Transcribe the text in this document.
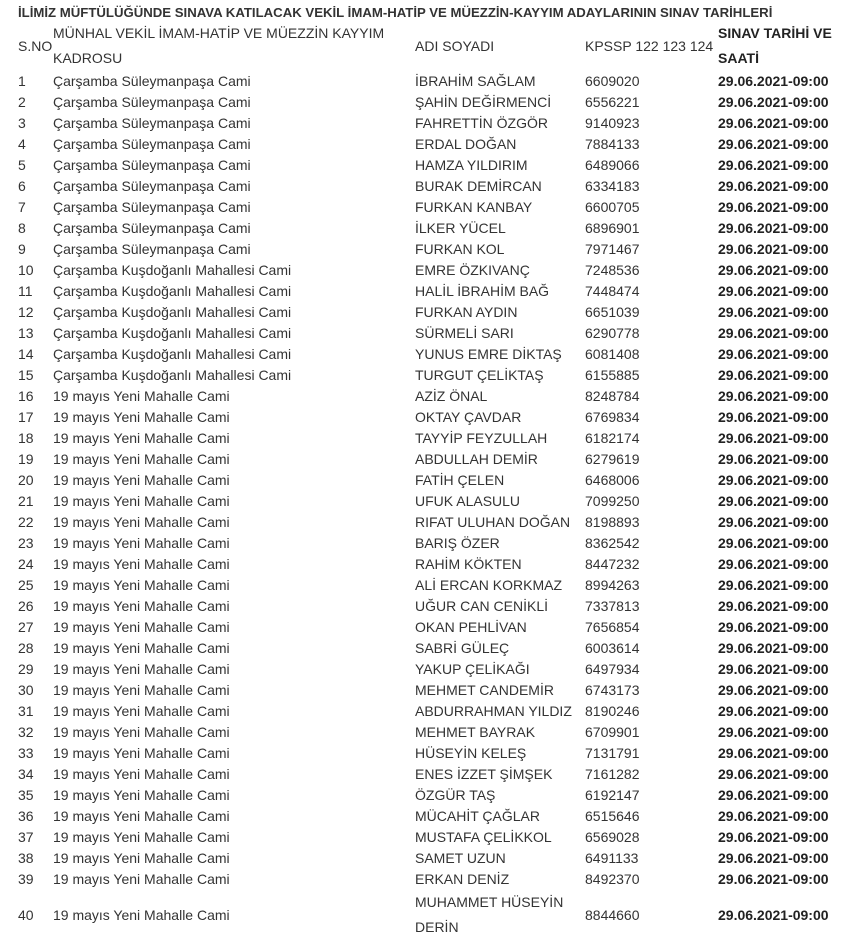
İLİMİZ MÜFTÜLÜĞÜNDE SINAVA KATILACAK VEKİL İMAM-HATİP VE MÜEZZİN-KAYYIM ADAYLARININ SINAV TARİHLERİ
S.NO	MÜNHAL VEKİL İMAM-HATİP VE MÜEZZİN KAYYIM KADROSU	ADI SOYADI	KPSSP 122 123 124	SINAV TARİHİ VE SAATİ
1	Çarşamba Süleymanpaşa Cami	İBRAHİM SAĞLAM	6609020	29.06.2021-09:00
2	Çarşamba Süleymanpaşa Cami	ŞAHİN DEĞİRMENCİ	6556221	29.06.2021-09:00
3	Çarşamba Süleymanpaşa Cami	FAHRETTİN ÖZGÖR	9140923	29.06.2021-09:00
4	Çarşamba Süleymanpaşa Cami	ERDAL DOĞAN	7884133	29.06.2021-09:00
5	Çarşamba Süleymanpaşa Cami	HAMZA YILDIRIM	6489066	29.06.2021-09:00
6	Çarşamba Süleymanpaşa Cami	BURAK DEMİRCAN	6334183	29.06.2021-09:00
7	Çarşamba Süleymanpaşa Cami	FURKAN KANBAY	6600705	29.06.2021-09:00
8	Çarşamba Süleymanpaşa Cami	İLKER YÜCEL	6896901	29.06.2021-09:00
9	Çarşamba Süleymanpaşa Cami	FURKAN KOL	7971467	29.06.2021-09:00
10	Çarşamba Kuşdoğanlı Mahallesi Cami	EMRE ÖZKIVANÇ	7248536	29.06.2021-09:00
11	Çarşamba Kuşdoğanlı Mahallesi Cami	HALİL İBRAHİM BAĞ	7448474	29.06.2021-09:00
12	Çarşamba Kuşdoğanlı Mahallesi Cami	FURKAN AYDIN	6651039	29.06.2021-09:00
13	Çarşamba Kuşdoğanlı Mahallesi Cami	SÜRMELİ SARI	6290778	29.06.2021-09:00
14	Çarşamba Kuşdoğanlı Mahallesi Cami	YUNUS EMRE DİKTAŞ	6081408	29.06.2021-09:00
15	Çarşamba Kuşdoğanlı Mahallesi Cami	TURGUT ÇELİKTAŞ	6155885	29.06.2021-09:00
16	19 mayıs Yeni Mahalle Cami	AZİZ ÖNAL	8248784	29.06.2021-09:00
17	19 mayıs Yeni Mahalle Cami	OKTAY ÇAVDAR	6769834	29.06.2021-09:00
18	19 mayıs Yeni Mahalle Cami	TAYYİP FEYZULLAH	6182174	29.06.2021-09:00
19	19 mayıs Yeni Mahalle Cami	ABDULLAH DEMİR	6279619	29.06.2021-09:00
20	19 mayıs Yeni Mahalle Cami	FATİH ÇELEN	6468006	29.06.2021-09:00
21	19 mayıs Yeni Mahalle Cami	UFUK ALASULU	7099250	29.06.2021-09:00
22	19 mayıs Yeni Mahalle Cami	RIFAT ULUHAN DOĞAN	8198893	29.06.2021-09:00
23	19 mayıs Yeni Mahalle Cami	BARIŞ ÖZER	8362542	29.06.2021-09:00
24	19 mayıs Yeni Mahalle Cami	RAHİM KÖKTEN	8447232	29.06.2021-09:00
25	19 mayıs Yeni Mahalle Cami	ALİ ERCAN KORKMAZ	8994263	29.06.2021-09:00
26	19 mayıs Yeni Mahalle Cami	UĞUR CAN CENİKLİ	7337813	29.06.2021-09:00
27	19 mayıs Yeni Mahalle Cami	OKAN PEHLİVAN	7656854	29.06.2021-09:00
28	19 mayıs Yeni Mahalle Cami	SABRİ GÜLEÇ	6003614	29.06.2021-09:00
29	19 mayıs Yeni Mahalle Cami	YAKUP ÇELİKAĞI	6497934	29.06.2021-09:00
30	19 mayıs Yeni Mahalle Cami	MEHMET CANDEMİR	6743173	29.06.2021-09:00
31	19 mayıs Yeni Mahalle Cami	ABDURRAHMAN YILDIZ	8190246	29.06.2021-09:00
32	19 mayıs Yeni Mahalle Cami	MEHMET BAYRAK	6709901	29.06.2021-09:00
33	19 mayıs Yeni Mahalle Cami	HÜSEYİN KELEŞ	7131791	29.06.2021-09:00
34	19 mayıs Yeni Mahalle Cami	ENES İZZET ŞİMŞEK	7161282	29.06.2021-09:00
35	19 mayıs Yeni Mahalle Cami	ÖZGÜR TAŞ	6192147	29.06.2021-09:00
36	19 mayıs Yeni Mahalle Cami	MÜCAHİT ÇAĞLAR	6515646	29.06.2021-09:00
37	19 mayıs Yeni Mahalle Cami	MUSTAFA ÇELİKKOL	6569028	29.06.2021-09:00
38	19 mayıs Yeni Mahalle Cami	SAMET UZUN	6491133	29.06.2021-09:00
39	19 mayıs Yeni Mahalle Cami	ERKAN DENİZ	8492370	29.06.2021-09:00
40	19 mayıs Yeni Mahalle Cami	MUHAMMET HÜSEYİN DERİN	8844660	29.06.2021-09:00
